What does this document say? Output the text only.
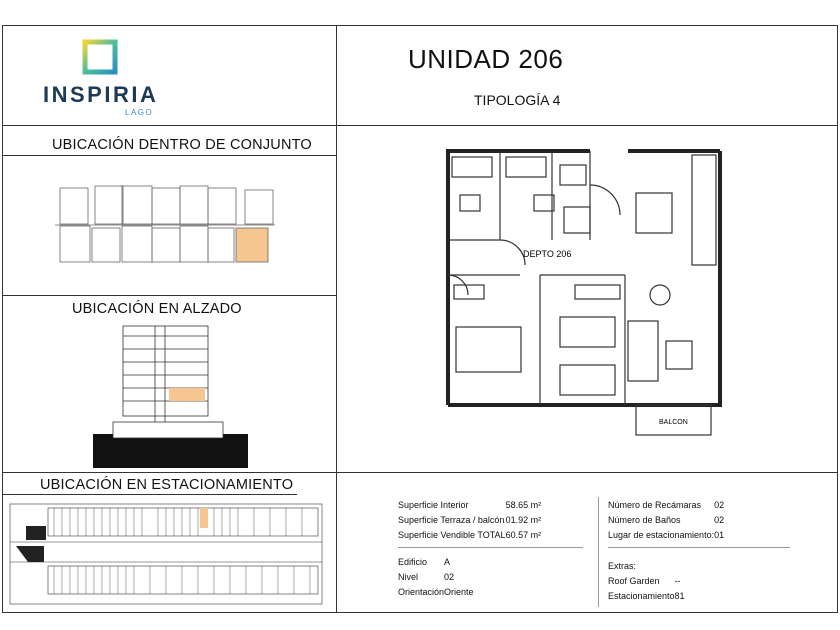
INSPIRIA
LAGO
UNIDAD 206
TIPOLOGÍA 4
UBICACIÓN DENTRO DE CONJUNTO
UBICACIÓN EN ALZADO
UBICACIÓN EN ESTACIONAMIENTO
DEPTO 206
BALCON
Superficie Interior	58.65 m²
Superficie Terraza / balcón	01.92 m²
Superficie Vendible TOTAL	60.57 m²
Edificio	A
Nivel	02
Orientación	Oriente
Número de Recámaras	02
Número de Baños	02
Lugar de estacionamiento:	01
Extras:	
Roof Garden	--
Estacionamiento	81
